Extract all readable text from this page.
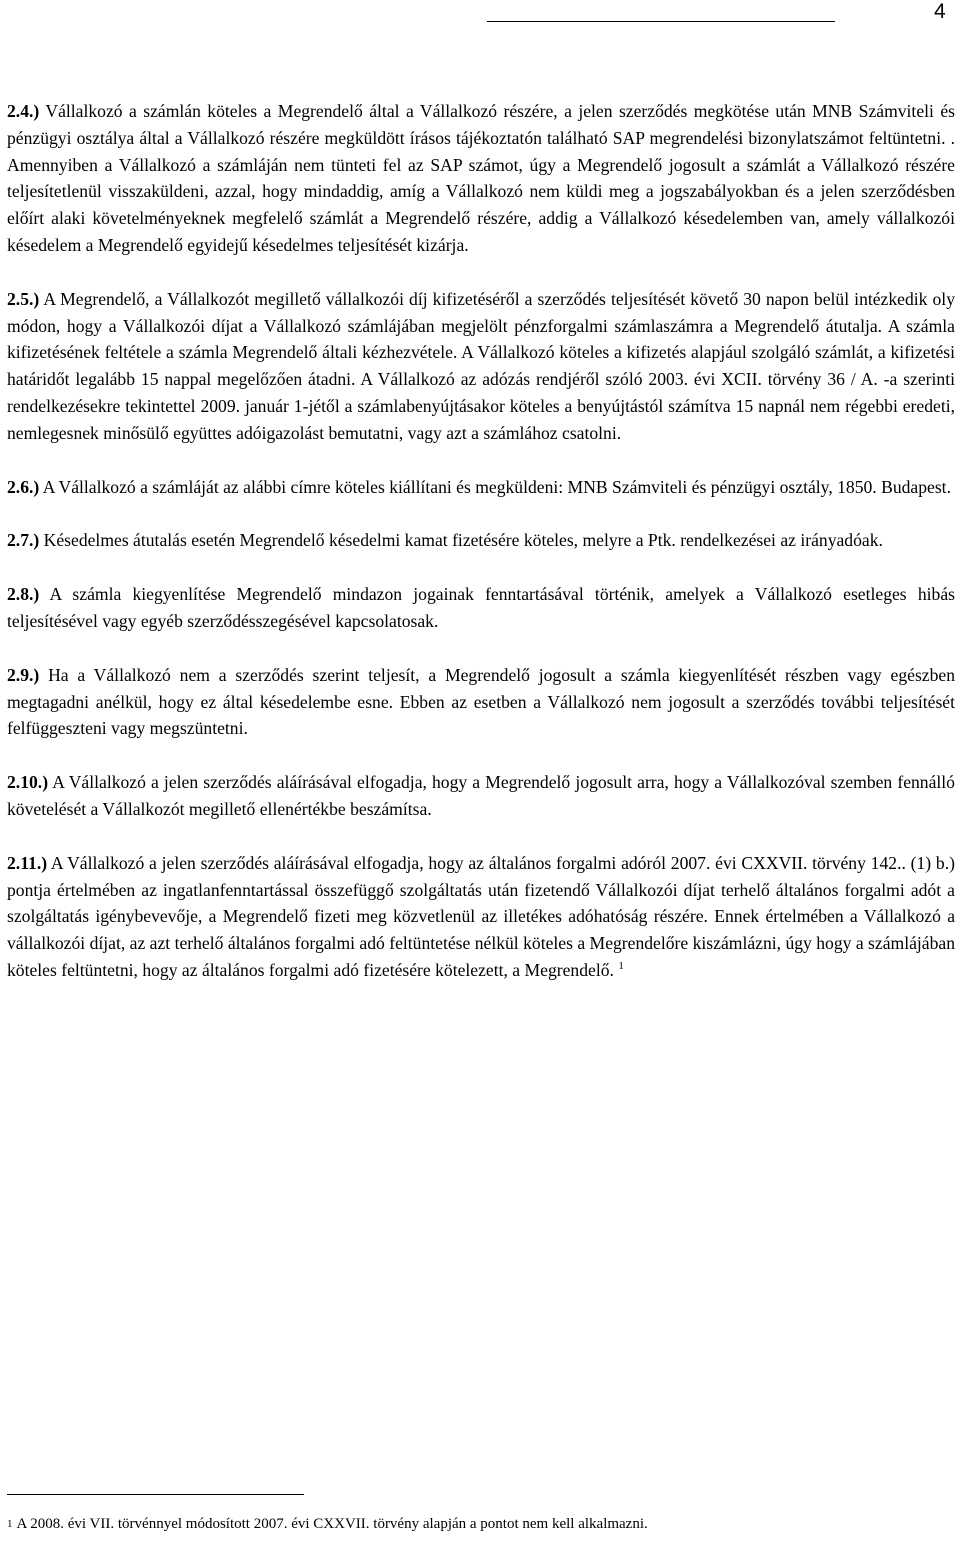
4

2.4.) Vállalkozó a számlán köteles a Megrendelő által a Vállalkozó részére, a jelen szerződés megkötése után MNB Számviteli és pénzügyi osztálya által a Vállalkozó részére megküldött írásos tájékoztatón található SAP megrendelési bizonylatszámot feltüntetni. . Amennyiben a Vállalkozó a számláján nem tünteti fel az SAP számot, úgy a Megrendelő jogosult a számlát a Vállalkozó részére teljesítetlenül visszaküldeni, azzal, hogy mindaddig, amíg a Vállalkozó nem küldi meg a jogszabályokban és a jelen szerződésben előírt alaki követelményeknek megfelelő számlát a Megrendelő részére, addig a Vállalkozó késedelemben van, amely vállalkozói késedelem a Megrendelő egyidejű késedelmes teljesítését kizárja.

2.5.) A Megrendelő, a Vállalkozót megillető vállalkozói díj kifizetéséről a szerződés teljesítését követő 30 napon belül intézkedik oly módon, hogy a Vállalkozói díjat a Vállalkozó számlájában megjelölt pénzforgalmi számlaszámra a Megrendelő átutalja. A számla kifizetésének feltétele a számla Megrendelő általi kézhezvétele. A Vállalkozó köteles a kifizetés alapjául szolgáló számlát, a kifizetési határidőt legalább 15 nappal megelőzően átadni. A Vállalkozó az adózás rendjéről szóló 2003. évi XCII. törvény 36 / A. -a szerinti rendelkezésekre tekintettel 2009. január 1-jétől a számlabenyújtásakor köteles a benyújtástól számítva 15 napnál nem régebbi eredeti, nemlegesnek minősülő együttes adóigazolást bemutatni, vagy azt a számlához csatolni.

2.6.) A Vállalkozó a számláját az alábbi címre köteles kiállítani és megküldeni: MNB Számviteli és pénzügyi osztály, 1850. Budapest.

2.7.) Késedelmes átutalás esetén Megrendelő késedelmi kamat fizetésére köteles, melyre a Ptk. rendelkezései az irányadóak.

2.8.) A számla kiegyenlítése Megrendelő mindazon jogainak fenntartásával történik, amelyek a Vállalkozó esetleges hibás teljesítésével vagy egyéb szerződésszegésével kapcsolatosak.

2.9.) Ha a Vállalkozó nem a szerződés szerint teljesít, a Megrendelő jogosult a számla kiegyenlítését részben vagy egészben megtagadni anélkül, hogy ez által késedelembe esne. Ebben az esetben a Vállalkozó nem jogosult a szerződés további teljesítését felfüggeszteni vagy megszüntetni.

2.10.) A Vállalkozó a jelen szerződés aláírásával elfogadja, hogy a Megrendelő jogosult arra, hogy a Vállalkozóval szemben fennálló követelését a Vállalkozót megillető ellenértékbe beszámítsa.

2.11.) A Vállalkozó a jelen szerződés aláírásával elfogadja, hogy az általános forgalmi adóról 2007. évi CXXVII. törvény 142.. (1) b.) pontja értelmében az ingatlanfenntartással összefüggő szolgáltatás után fizetendő Vállalkozói díjat terhelő általános forgalmi adót a szolgáltatás igénybevevője, a Megrendelő fizeti meg közvetlenül az illetékes adóhatóság részére. Ennek értelmében a Vállalkozó a vállalkozói díjat, az azt terhelő általános forgalmi adó feltüntetése nélkül köteles a Megrendelőre kiszámlázni, úgy hogy a számlájában köteles feltüntetni, hogy az általános forgalmi adó fizetésére kötelezett, a Megrendelő. $^1$

1 A 2008. évi VII. törvénnyel módosított 2007. évi CXXVII. törvény alapján a pontot nem kell alkalmazni.
